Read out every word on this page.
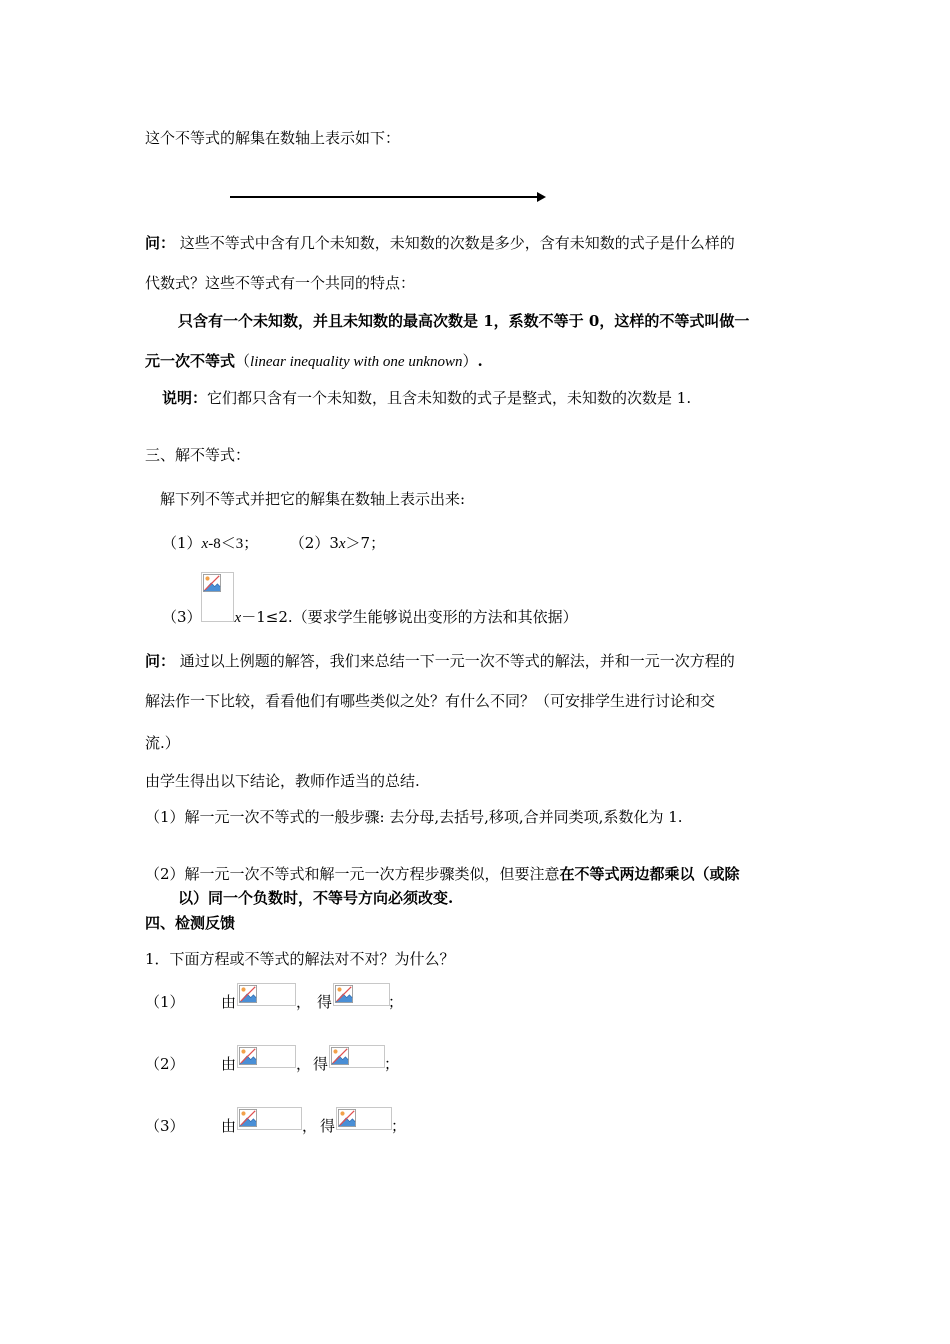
这个不等式的解集在数轴上表示如下：
问： 这些不等式中含有几个未知数，未知数的次数是多少，含有未知数的式子是什么样的
代数式？这些不等式有一个共同的特点：
只含有一个未知数，并且未知数的最高次数是 1，系数不等于 0，这样的不等式叫做一
元一次不等式（linear inequality with one unknown）.
说明：它们都只含有一个未知数，且含未知数的式子是整式，未知数的次数是 1.
三、解不等式：
解下列不等式并把它的解集在数轴上表示出来:
（1）x-8＜3； （2）3x＞7；
（3） x－1≤2.（要求学生能够说出变形的方法和其依据）
问： 通过以上例题的解答，我们来总结一下一元一次不等式的解法，并和一元一次方程的
解法作一下比较，看看他们有哪些类似之处？有什么不同？（可安排学生进行讨论和交
流.）
由学生得出以下结论，教师作适当的总结.
（1）解一元一次不等式的一般步骤: 去分母,去括号,移项,合并同类项,系数化为 1.
（2）解一元一次不等式和解一元一次方程步骤类似，但要注意在不等式两边都乘以（或除
以）同一个负数时，不等号方向必须改变.
四、检测反馈
1．下面方程或不等式的解法对不对？为什么？
（1） 由	， 得	；
（2） 由	， 得	；
（3） 由	， 得	；
